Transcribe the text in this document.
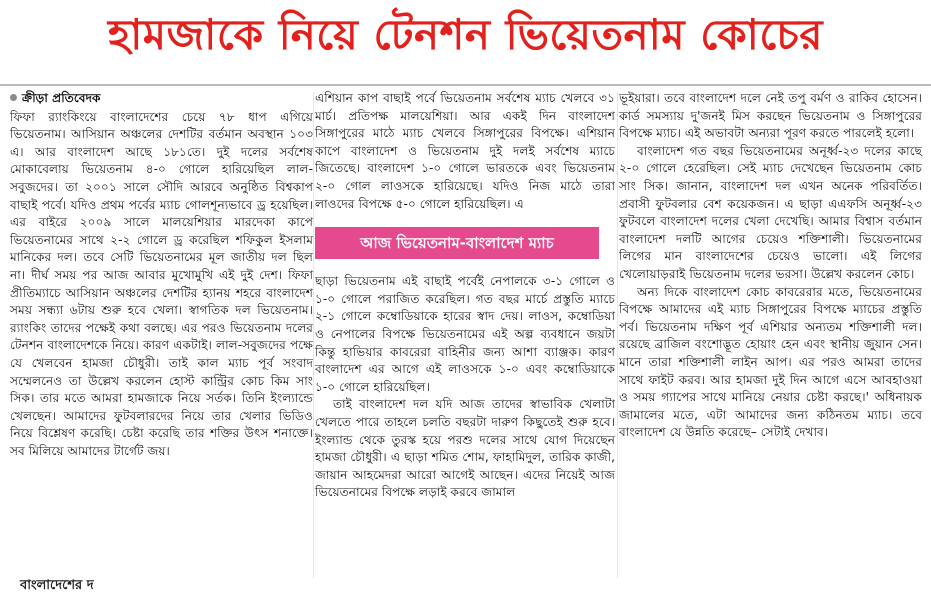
হামজাকে নিয়ে টেনশন ভিয়েতনাম কোচের
ক্রীড়া প্রতিবেদক

ফিফা র‍্যাংকিংয়ে বাংলাদেশের চেয়ে ৭৮ ধাপ এগিয়ে ভিয়েতনাম। আসিয়ান অঞ্চলের দেশটির বর্তমান অবস্থান ১০৩ এ। আর বাংলাদেশ আছে ১৮১তে। দুই দলের সর্বশেষ মোকাবেলায় ভিয়েতনাম ৪-০ গোলে হারিয়েছিল লাল-সবুজদের। তা ২০০১ সালে সৌদি আরবে অনুষ্ঠিত বিশ্বকাপ বাছাই পর্বে। যদিও প্রথম পর্বের ম্যাচ গোলশূন্যভাবে ড্র হয়েছিল। এর বাইরে ২০০৯ সালে মালয়েশিয়ার মারদেকা কাপে ভিয়েতনামের সাথে ২-২ গোলে ড্র করেছিল শফিকুল ইসলাম মানিকের দল। তবে সেটি ভিয়েতনামের মূল জাতীয় দল ছিল না। দীর্ঘ সময় পর আজ আবার মুখোমুখি এই দুই দেশ। ফিফা প্রীতিম্যাচে আসিয়ান অঞ্চলের দেশটির হ্যানয় শহরে বাংলাদেশ সময় সন্ধ্যা ৬টায় শুরু হবে খেলা। স্বাগতিক দল ভিয়েতনাম। র‍্যাংকিং তাদের পক্ষেই কথা বলছে। এর পরও ভিয়েতনাম দলের টেনশন বাংলাদেশকে নিয়ে। কারণ একটাই। লাল-সবুজদের পক্ষে যে খেলবেন হামজা চৌধুরী। তাই কাল ম্যাচ পূর্ব সংবাদ সম্মেলনেও তা উল্লেখ করলেন হোস্ট কান্ট্রির কোচ কিম সাং সিক। তার মতে আমরা হামজাকে নিয়ে সর্তক। তিনি ইংল্যান্ডে খেলছেন। আমাদের ফুটবলারদের নিয়ে তার খেলার ভিডিও নিয়ে বিশ্লেষণ করেছি। চেষ্টা করেছি তার শক্তির উৎস শনাক্তে। সব মিলিয়ে আমাদের টার্গেট জয়।

এশিয়ান কাপ বাছাই পর্বে ভিয়েতনাম সর্বশেষ ম্যাচ খেলবে ৩১ মার্চ। প্রতিপক্ষ মালয়েশিয়া। আর একই দিন বাংলাদেশ সিঙ্গাপুরের মাঠে ম্যাচ খেলবে সিঙ্গাপুরের বিপক্ষে। এশিয়ান কাপে বাংলাদেশ ও ভিয়েতনাম দুই দলই সর্বশেষ ম্যাচে জিতেছে। বাংলাদেশ ১-০ গোলে ভারতকে এবং ভিয়েতনাম ২-০ গোল লাওসকে হারিয়েছে। যদিও নিজ মাঠে তারা লাওদের বিপক্ষে ৫-০ গোলে হারিয়েছিল। এ

আজ ভিয়েতনাম-বাংলাদেশ ম্যাচ

ছাড়া ভিয়েতনাম এই বাছাই পর্বেই নেপালকে ৩-১ গোলে ও ১-০ গোলে পরাজিত করেছিল। গত বছর মার্চে প্রস্তুতি ম্যাচে ২-১ গোলে কম্বোডিয়াকে হারের স্বাদ দেয়। লাওস, কম্বোডিয়া ও নেপালের বিপক্ষে ভিয়েতনামের এই অল্প ব্যবধানে জয়টা কিন্তু হাভিয়ার কাবরেরা বাহিনীর জন্য আশা ব্যাঞ্জক। কারণ বাংলাদেশ এর আগে এই লাওসকে ১-০ এবং কম্বোডিয়াকে ১-০ গোলে হারিয়েছিল।

তাই বাংলাদেশ দল যদি আজ তাদের স্বাভাবিক খেলাটা খেলতে পারে তাহলে চলতি বছরটা দারুণ কিছুতেই শুরু হবে। ইংল্যান্ড থেকে তুরস্ক হয়ে পরশু দলের সাথে যোগ দিয়েছেন হামজা চৌধুরী। এ ছাড়া শমিত শোম, ফাহামিদুল, তারিক কাজী, জায়ান আহমেদরা আরো আগেই আছেন। এদের নিয়েই আজ ভিয়েতনামের বিপক্ষে লড়াই করবে জামাল

ভূইয়ারা। তবে বাংলাদেশ দলে নেই তপু বর্মণ ও রাকিব হোসেন। কার্ড সমস্যায় দু'জনই মিস করছেন ভিয়েতনাম ও সিঙ্গাপুরের বিপক্ষে ম্যাচ। এই অভাবটা অন্যরা পূরণ করতে পারলেই হলো।

বাংলাদেশ গত বছর ভিয়েতনামের অনূর্ধ্ব-২৩ দলের কাছে ২-০ গোলে হেরেছিল। সেই ম্যাচ দেখেছেন ভিয়েতনাম কোচ সাং সিক। জানান, বাংলাদেশ দল এখন অনেক পরিবর্তিত। প্রবাসী ফুটবলার বেশ কয়েকজন। এ ছাড়া এএফসি অনূর্ধ্ব-২৩ ফুটবলে বাংলাদেশ দলের খেলা দেখেছি। আমার বিশ্বাস বর্তমান বাংলাদেশ দলটি আগের চেয়েও শক্তিশালী। ভিয়েতনামের লিগের মান বাংলাদেশের চেয়েও ভালো। এই লিগের খেলোয়াড়রাই ভিয়েতনাম দলের ভরসা। উল্লেখ করলেন কোচ।

অন্য দিকে বাংলাদেশ কোচ কাবরেরার মতে, ভিয়েতনামের বিপক্ষে আমাদের এই ম্যাচ সিঙ্গাপুরের বিপক্ষে ম্যাচের প্রস্তুতি পর্ব। ভিয়েতনাম দক্ষিণ পূর্ব এশিয়ার অন্যতম শক্তিশালী দল। রয়েছে ব্রাজিল বংশোদ্ভূত হোয়াং হেন এবং স্থানীয় জুয়ান সেন। মানে তারা শক্তিশালী লাইন আপ। এর পরও আমরা তাদের সাথে ফাইট করব। আর হামজা দুই দিন আগে এসে আবহাওয়া ও সময় গ্যাপের সাথে মানিয়ে নেয়ার চেষ্টা করছে।' অধিনায়ক জামালের মতে, এটা আমাদের জন্য কঠিনতম ম্যাচ। তবে বাংলাদেশ যে উন্নতি করেছে– সেটাই দেখাব।

বাংলাদেশের দ
